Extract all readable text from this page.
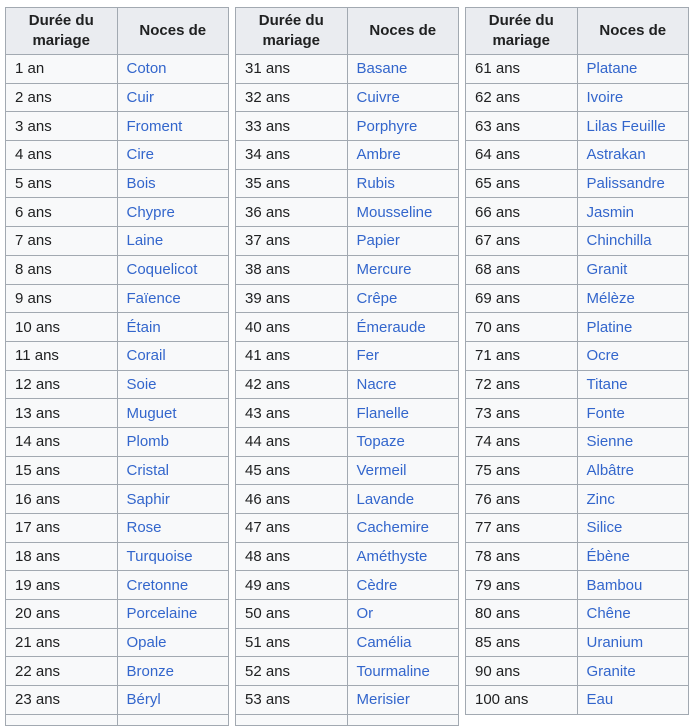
Durée du mariage	Noces de
1 an	Coton
2 ans	Cuir
3 ans	Froment
4 ans	Cire
5 ans	Bois
6 ans	Chypre
7 ans	Laine
8 ans	Coquelicot
9 ans	Faïence
10 ans	Étain
11 ans	Corail
12 ans	Soie
13 ans	Muguet
14 ans	Plomb
15 ans	Cristal
16 ans	Saphir
17 ans	Rose
18 ans	Turquoise
19 ans	Cretonne
20 ans	Porcelaine
21 ans	Opale
22 ans	Bronze
23 ans	Béryl

Durée du mariage	Noces de
31 ans	Basane
32 ans	Cuivre
33 ans	Porphyre
34 ans	Ambre
35 ans	Rubis
36 ans	Mousseline
37 ans	Papier
38 ans	Mercure
39 ans	Crêpe
40 ans	Émeraude
41 ans	Fer
42 ans	Nacre
43 ans	Flanelle
44 ans	Topaze
45 ans	Vermeil
46 ans	Lavande
47 ans	Cachemire
48 ans	Améthyste
49 ans	Cèdre
50 ans	Or
51 ans	Camélia
52 ans	Tourmaline
53 ans	Merisier

Durée du mariage	Noces de
61 ans	Platane
62 ans	Ivoire
63 ans	Lilas Feuille
64 ans	Astrakan
65 ans	Palissandre
66 ans	Jasmin
67 ans	Chinchilla
68 ans	Granit
69 ans	Mélèze
70 ans	Platine
71 ans	Ocre
72 ans	Titane
73 ans	Fonte
74 ans	Sienne
75 ans	Albâtre
76 ans	Zinc
77 ans	Silice
78 ans	Ébène
79 ans	Bambou
80 ans	Chêne
85 ans	Uranium
90 ans	Granite
100 ans	Eau
